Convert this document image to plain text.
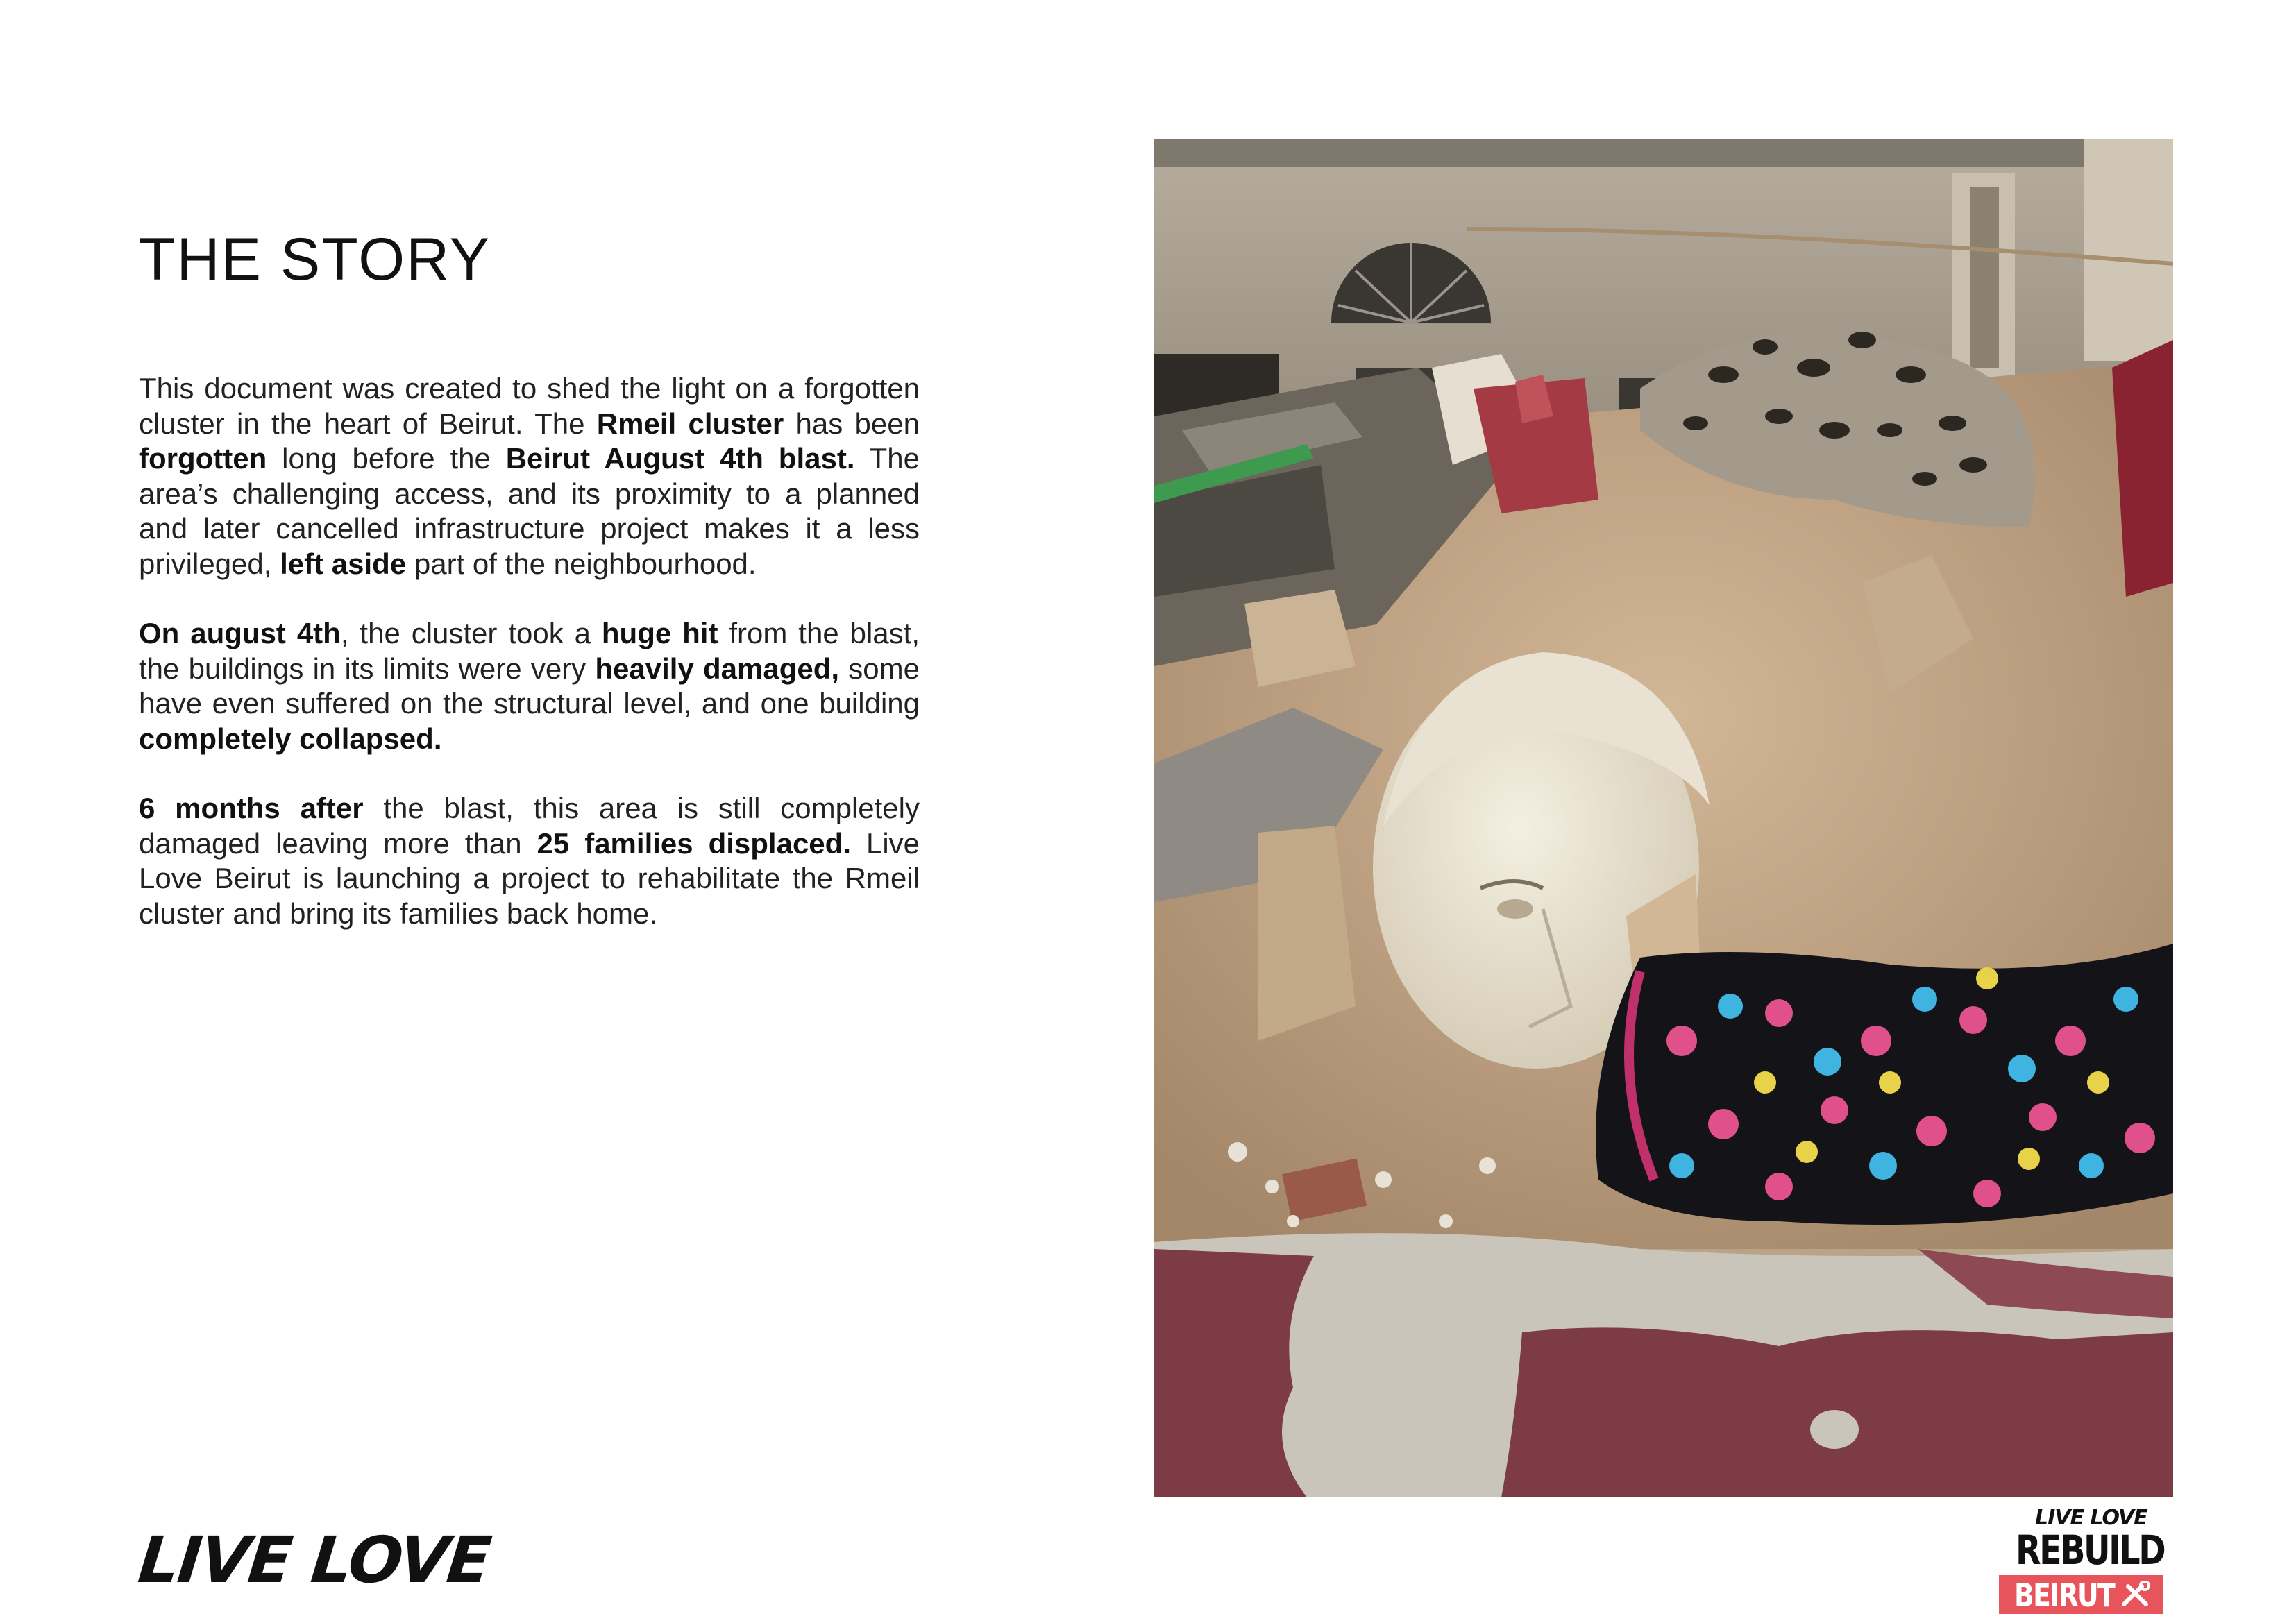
THE STORY

This document was created to shed the light on a forgotten cluster in the heart of Beirut. The Rmeil cluster has been forgotten long before the Beirut August 4th blast. The area’s challenging access, and its proximity to a planned and later cancelled infrastructure project makes it a less privileged, left aside part of the neighbourhood.

On august 4th, the cluster took a huge hit from the blast, the buildings in its limits were very heavily damaged, some have even suffered on the structural level, and one building completely collapsed.

6 months after the blast, this area is still completely damaged leaving more than 25 families displaced. Live Love Beirut is launching a project to rehabilitate the Rmeil cluster and bring its families back home.

LIVE LOVE
LIVE LOVE
REBUILD
BEIRUT
